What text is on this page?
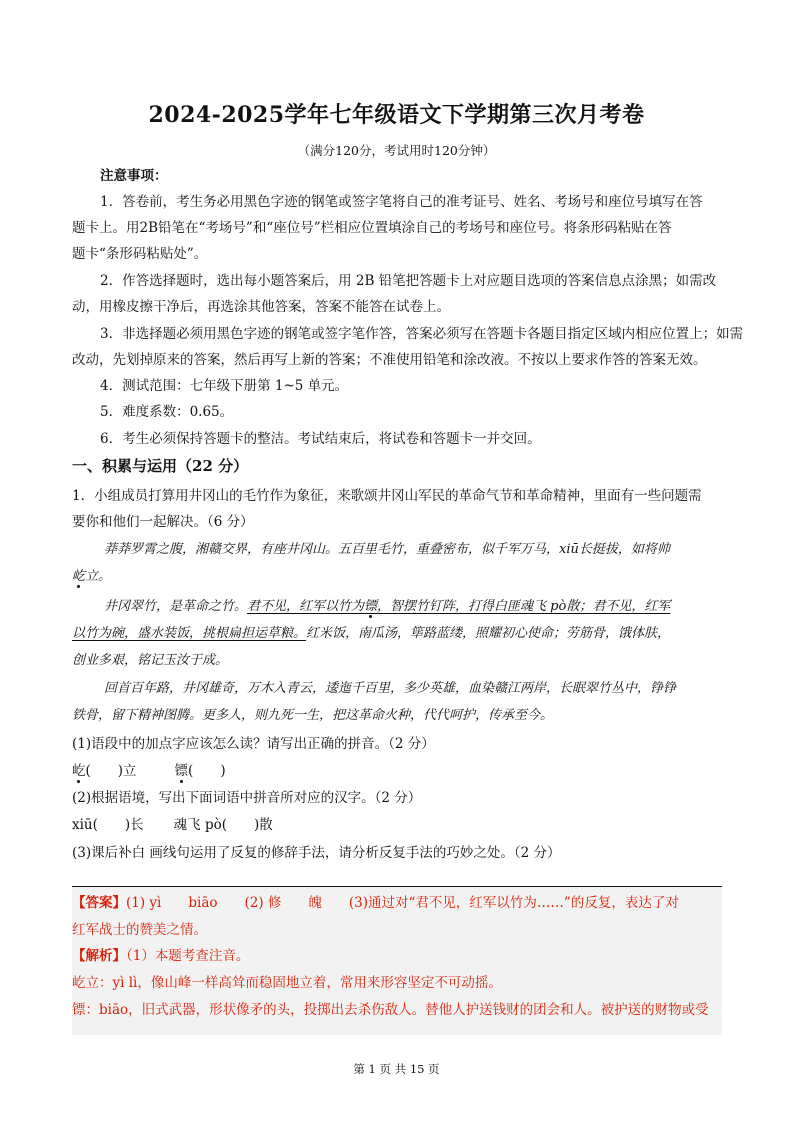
2024-2025学年七年级语文下学期第三次月考卷
（满分120分，考试用时120分钟）
注意事项：
1．答卷前，考生务必用黑色字迹的钢笔或签字笔将自己的准考证号、姓名、考场号和座位号填写在答
题卡上。用2B铅笔在“考场号”和“座位号”栏相应位置填涂自己的考场号和座位号。将条形码粘贴在答
题卡“条形码粘贴处”。
2．作答选择题时，选出每小题答案后，用 2B 铅笔把答题卡上对应题目选项的答案信息点涂黑；如需改
动，用橡皮擦干净后，再选涂其他答案，答案不能答在试卷上。
3．非选择题必须用黑色字迹的钢笔或签字笔作答，答案必须写在答题卡各题目指定区域内相应位置上；如需
改动，先划掉原来的答案，然后再写上新的答案；不准使用铅笔和涂改液。不按以上要求作答的答案无效。
4．测试范围：七年级下册第 1~5 单元。
5．难度系数：0.65。
6．考生必须保持答题卡的整洁。考试结束后，将试卷和答题卡一并交回。
一、积累与运用（22 分）
1．小组成员打算用井冈山的毛竹作为象征，来歌颂井冈山军民的革命气节和革命精神，里面有一些问题需
要你和他们一起解决。（6 分）
莽莽罗霄之腹，湘赣交界，有座井冈山。五百里毛竹，重叠密布，似千军万马，xiū长挺拔，如将帅
屹立。
井冈翠竹，是革命之竹。君不见，红军以竹为镖，智摆竹钉阵，打得白匪魂飞 pò散；君不见，红军
以竹为碗，盛水装饭，挑根扁担运草粮。红米饭，南瓜汤，筚路蓝缕，照耀初心使命；劳筋骨，饿体肤，
创业多艰，铭记玉汝于成。
回首百年路，井冈雄奇，万木入青云，逶迤千百里，多少英雄，血染赣江两岸，长眠翠竹丛中，铮铮
铁骨，留下精神图腾。更多人，则九死一生，把这革命火种，代代呵护，传承至今。
(1)语段中的加点字应该怎么读？请写出正确的拼音。（2 分）
屹(　　)立	镖(　　)
(2)根据语境，写出下面词语中拼音所对应的汉字。（2 分）
xiū(　　)长 魂飞 pò(　　)散
(3)课后补白 画线句运用了反复的修辞手法，请分析反复手法的巧妙之处。（2 分）
【答案】(1) yì　　biāo　　(2) 修　　魄　　(3)通过对“君不见，红军以竹为……”的反复，表达了对
红军战士的赞美之情。
【解析】（1）本题考查注音。
屹立：yì lì，像山峰一样高耸而稳固地立着，常用来形容坚定不可动摇。
镖：biāo，旧式武器，形状像矛的头，投掷出去杀伤敌人。替他人护送钱财的团会和人。被护送的财物或受
第 1 页 共 15 页
